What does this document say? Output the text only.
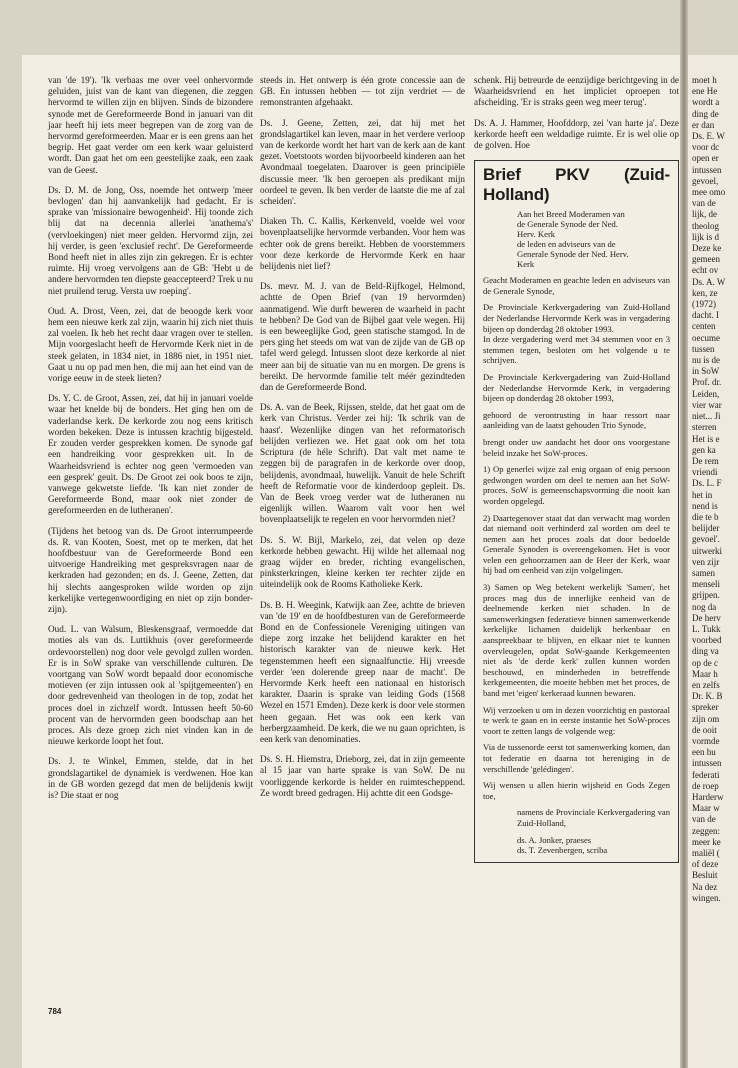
moet h
ene He
wordt a
ding de
er dan
Ds. E. W
voor dc
open er
intussen
gevoel,
mee omo
van de
lijk, de
theolog
lijk is d
Deze ke
gemeen
echt ov
Ds. A. W
ken, ze
(1972)
dacht. I
centen
oecume
tussen
nu is de
in SoW
Prof. dr.
Leiden,
vier war
niet... Ji
sterren
Het is e
gen ka
De rem
vriendi
Ds. L. F
het in
nend is
die te b
belijder
gevoel'.
uitwerki
ven zijr
samen
menseli
grijpen.
nog da
De herv
L. Tukk
voorbed
ding va
op de c
Maar h
en zelfs
Dr. K. B
spreker
zijn om
de ooit
vormde
een hu
intussen
federati
de roep
Harderw
Maar w
van de
zeggen:
meer ke
maliël (
of deze
Besluit
Na dez
wingen.

van 'de 19'). 'Ik verbaas me over veel onhervormde geluiden, juist van de kant van diegenen, die zeggen hervormd te willen zijn en blijven. Sinds de bizondere synode met de Gereformeerde Bond in januari van dit jaar heeft hij iets meer begrepen van de zorg van de hervormd gereformeerden. Maar er is een grens aan het begrip. Het gaat verder om een kerk waar geluisterd wordt. Dan gaat het om een geestelijke zaak, een zaak van de Geest.

Ds. D. M. de Jong, Oss, noemde het ontwerp 'meer bevlogen' dan hij aanvankelijk had gedacht. Er is sprake van 'missionaire bewogenheid'. Hij toonde zich blij dat na decennia allerlei 'anathema's' (vervloekingen) niet meer gelden. Hervormd zijn, zei hij verder, is geen 'exclusief recht'. De Gereformeerde Bond heeft niet in alles zijn zin gekregen. Er is echter ruimte. Hij vroeg vervolgens aan de GB: 'Hebt u de andere hervormden ten diepste geaccepteerd? Trek u nu niet pruilend terug. Versta uw roeping'.

Oud. A. Drost, Veen, zei, dat de beoogde kerk voor hem een nieuwe kerk zal zijn, waarin hij zich niet thuis zal voelen. Ik heb het recht daar vragen over te stellen. Mijn voorgeslacht heeft de Hervormde Kerk niet in de steek gelaten, in 1834 niet, in 1886 niet, in 1951 niet. Gaat u nu op pad men hen, die mij aan het eind van de vorige eeuw in de steek lieten?

Ds. Y. C. de Groot, Assen, zei, dat hij in januari voelde waar het knelde bij de bonders. Het ging hen om de vaderlandse kerk. De kerkorde zou nog eens kritisch worden bekeken. Deze is intussen krachtig bijgesteld. Er zouden verder gesprekken komen. De synode gaf een handreiking voor gesprekken uit. In de Waarheidsvriend is echter nog geen 'vermoeden van een gesprek' geuit. Ds. De Groot zei ook boos te zijn, vanwege gekwetste liefde. 'Ik kan niet zonder de Gereformeerde Bond, maar ook niet zonder de gereformeerden en de lutheranen'.

(Tijdens het betoog van ds. De Groot interrumpeerde ds. R. van Kooten, Soest, met op te merken, dat het hoofdbestuur van de Gereformeerde Bond een uitvoerige Handreiking met gespreksvragen naar de kerkraden had gezonden; en ds. J. Geene, Zetten, dat hij slechts aangesproken wilde worden op zijn kerkelijke vertegenwoordiging en niet op zijn bonder-zijn).

Oud. L. van Walsum, Bleskensgraaf, vermoedde dat moties als van ds. Luttikhuis (over gereformeerde ordevoorstellen) nog door vele gevolgd zullen worden. Er is in SoW sprake van verschillende culturen. De voortgang van SoW wordt bepaald door economische motieven (er zijn intussen ook al 'spijtgemeenten') en door gedrevenheid van theologen in de top, zodat het proces doel in zichzelf wordt. Intussen heeft 50-60 procent van de hervormden geen boodschap aan het proces. Als deze groep zich niet vinden kan in de nieuwe kerkorde loopt het fout.

Ds. J. te Winkel, Emmen, stelde, dat in het grondslagartikel de dynamiek is verdwenen. Hoe kan in de GB worden gezegd dat men de belijdenis kwijt is? Die staat er nog

steeds in. Het ontwerp is één grote concessie aan de GB. En intussen hebben — tot zijn verdriet — de remonstranten afgehaakt.

Ds. J. Geene, Zetten, zei, dat hij met het grondslagartikel kan leven, maar in het verdere verloop van de kerkorde wordt het hart van de kerk aan de kant gezet. Voetstoots worden bijvoorbeeld kinderen aan het Avondmaal toegelaten. Daarover is geen principiële discussie meer. 'Ik ben geroepen als predikant mijn oordeel te geven. Ik ben verder de laatste die me af zal scheiden'.

Diaken Th. C. Kallis, Kerkenveld, voelde wel voor bovenplaatselijke hervormde verbanden. Voor hem was echter ook de grens bereikt. Hebben de voorstemmers voor deze kerkorde de Hervormde Kerk en haar belijdenis niet lief?

Ds. mevr. M. J. van de Beld-Rijfkogel, Helmond, achtte de Open Brief (van 19 hervormden) aanmatigend. Wie durft beweren de waarheid in pacht te hebben? De God van de Bijbel gaat vele wegen. Hij is een beweeglijke God, geen statische stamgod. In de pers ging het steeds om wat van de zijde van de GB op tafel werd gelegd. Intussen sloot deze kerkorde al niet meer aan bij de situatie van nu en morgen. De grens is bereikt. De hervormde familie telt méér gezindteden dan de Gereformeerde Bond.

Ds. A. van de Beek, Rijssen, stelde, dat het gaat om de kerk van Christus. Verder zei hij: 'Ik schrik van de haast'. Wezenlijke dingen van het reformatorisch belijden verliezen we. Het gaat ook om het tota Scriptura (de héle Schrift). Dat valt met name te zeggen bij de paragrafen in de kerkorde over doop, belijdenis, avondmaal, huwelijk. Vanuit de hele Schrift heeft de Reformatie voor de kinderdoop gepleit. Ds. Van de Beek vroeg verder wat de lutheranen nu eigenlijk willen. Waarom valt voor hen wel bovenplaatselijk te regelen en voor hervormden niet?

Ds. S. W. Bijl, Markelo, zei, dat velen op deze kerkorde hebben gewacht. Hij wilde het allemaal nog graag wijder en breder, richting evangelischen, pinksterkringen, kleine kerken ter rechter zijde en uiteindelijk ook de Rooms Katholieke Kerk.

Ds. B. H. Weegink, Katwijk aan Zee, achtte de brieven van 'de 19' en de hoofdbesturen van de Gereformeerde Bond en de Confessionele Vereniging uitingen van diepe zorg inzake het belijdend karakter en het historisch karakter van de nieuwe kerk. Het tegenstemmen heeft een signaalfunctie. Hij vreesde verder 'een dolerende greep naar de macht'. De Hervormde Kerk heeft een nationaal en historisch karakter. Daarin is sprake van leiding Gods (1568 Wezel en 1571 Emden). Deze kerk is door vele stormen heen gegaan. Het was ook een kerk van herbergzaamheid. De kerk, die we nu gaan oprichten, is een kerk van denominaties.

Ds. S. H. Hiemstra, Drieborg, zei, dat in zijn gemeente al 15 jaar van harte sprake is van SoW. De nu voorliggende kerkorde is helder en ruimtescheppend. Ze wordt breed gedragen. Hij achtte dit een Godsge-

schenk. Hij betreurde de eenzijdige berichtgeving in de Waarheidsvriend en het impliciet oproepen tot afscheiding. 'Er is straks geen weg meer terug'.

Ds. A. J. Hammer, Hoofddorp, zei 'van harte ja'. Deze kerkorde heeft een weldadige ruimte. Er is wel olie op de golven. Hoe

Brief PKV (Zuid-Holland)
Aan het Breed Moderamen van
de Generale Synode der Ned.
Herv. Kerk
de leden en adviseurs van de
Generale Synode der Ned. Herv.
Kerk

Geacht Moderamen en geachte leden en adviseurs van de Generale Synode,

De Provinciale Kerkvergadering van Zuid-Holland der Nederlandse Hervormde Kerk was in vergadering bijeen op donderdag 28 oktober 1993.
In deze vergadering werd met 34 stemmen voor en 3 stemmen tegen, besloten om het volgende u te schrijven.

De Provinciale Kerkvergadering van Zuid-Holland der Nederlandse Hervormde Kerk, in vergadering bijeen op donderdag 28 oktober 1993,

gehoord de verontrusting in haar ressort naar aanleiding van de laatst gehouden Trio Synode,

brengt onder uw aandacht het door ons voorgestane beleid inzake het SoW-proces.

1) Op generlei wijze zal enig orgaan of enig persoon gedwongen worden om deel te nemen aan het SoW-proces. SoW is gemeenschapsvorming die nooit kan worden opgelegd.

2) Daartegenover staat dat dan verwacht mag worden dat niemand ooit verhinderd zal worden om deel te nemen aan het proces zoals dat door bedoelde Generale Synoden is overeengekomen. Het is voor velen een gehoorzamen aan de Heer der Kerk, waar hij bad om eenheid van zijn volgelingen.

3) Samen op Weg betekent werkelijk 'Samen', het proces mag dus de innerlijke eenheid van de deelnemende kerken niet schaden. In de samenwerkingsen federatieve binnen samenwerkende kerkelijke lichamen duidelijk herkenbaar en aanspreekbaar te blijven, en elkaar niet te kunnen overvleugelen, opdat SoW-gaande Kerkgemeenten niet als 'de derde kerk' zullen kunnen worden beschouwd, en minderheden in betreffende kerkgemeenten, die moeite hebben met het proces, de band met 'eigen' kerkeraad kunnen bewaren.

Wij verzoeken u om in dezen voorzichtig en pastoraal te werk te gaan en in eerste instantie het SoW-proces voort te zetten langs de volgende weg:

Via de tussenorde eerst tot samenwerking komen, dan tot federatie en daarna tot hereniging in de verschillende 'gelédingen'.

Wij wensen u allen hierin wijsheid en Gods Zegen toe,

namens de Provinciale Kerkvergadering van Zuid-Holland,

ds. A. Jonker, praeses
ds. T. Zevenbergen, scriba
784
